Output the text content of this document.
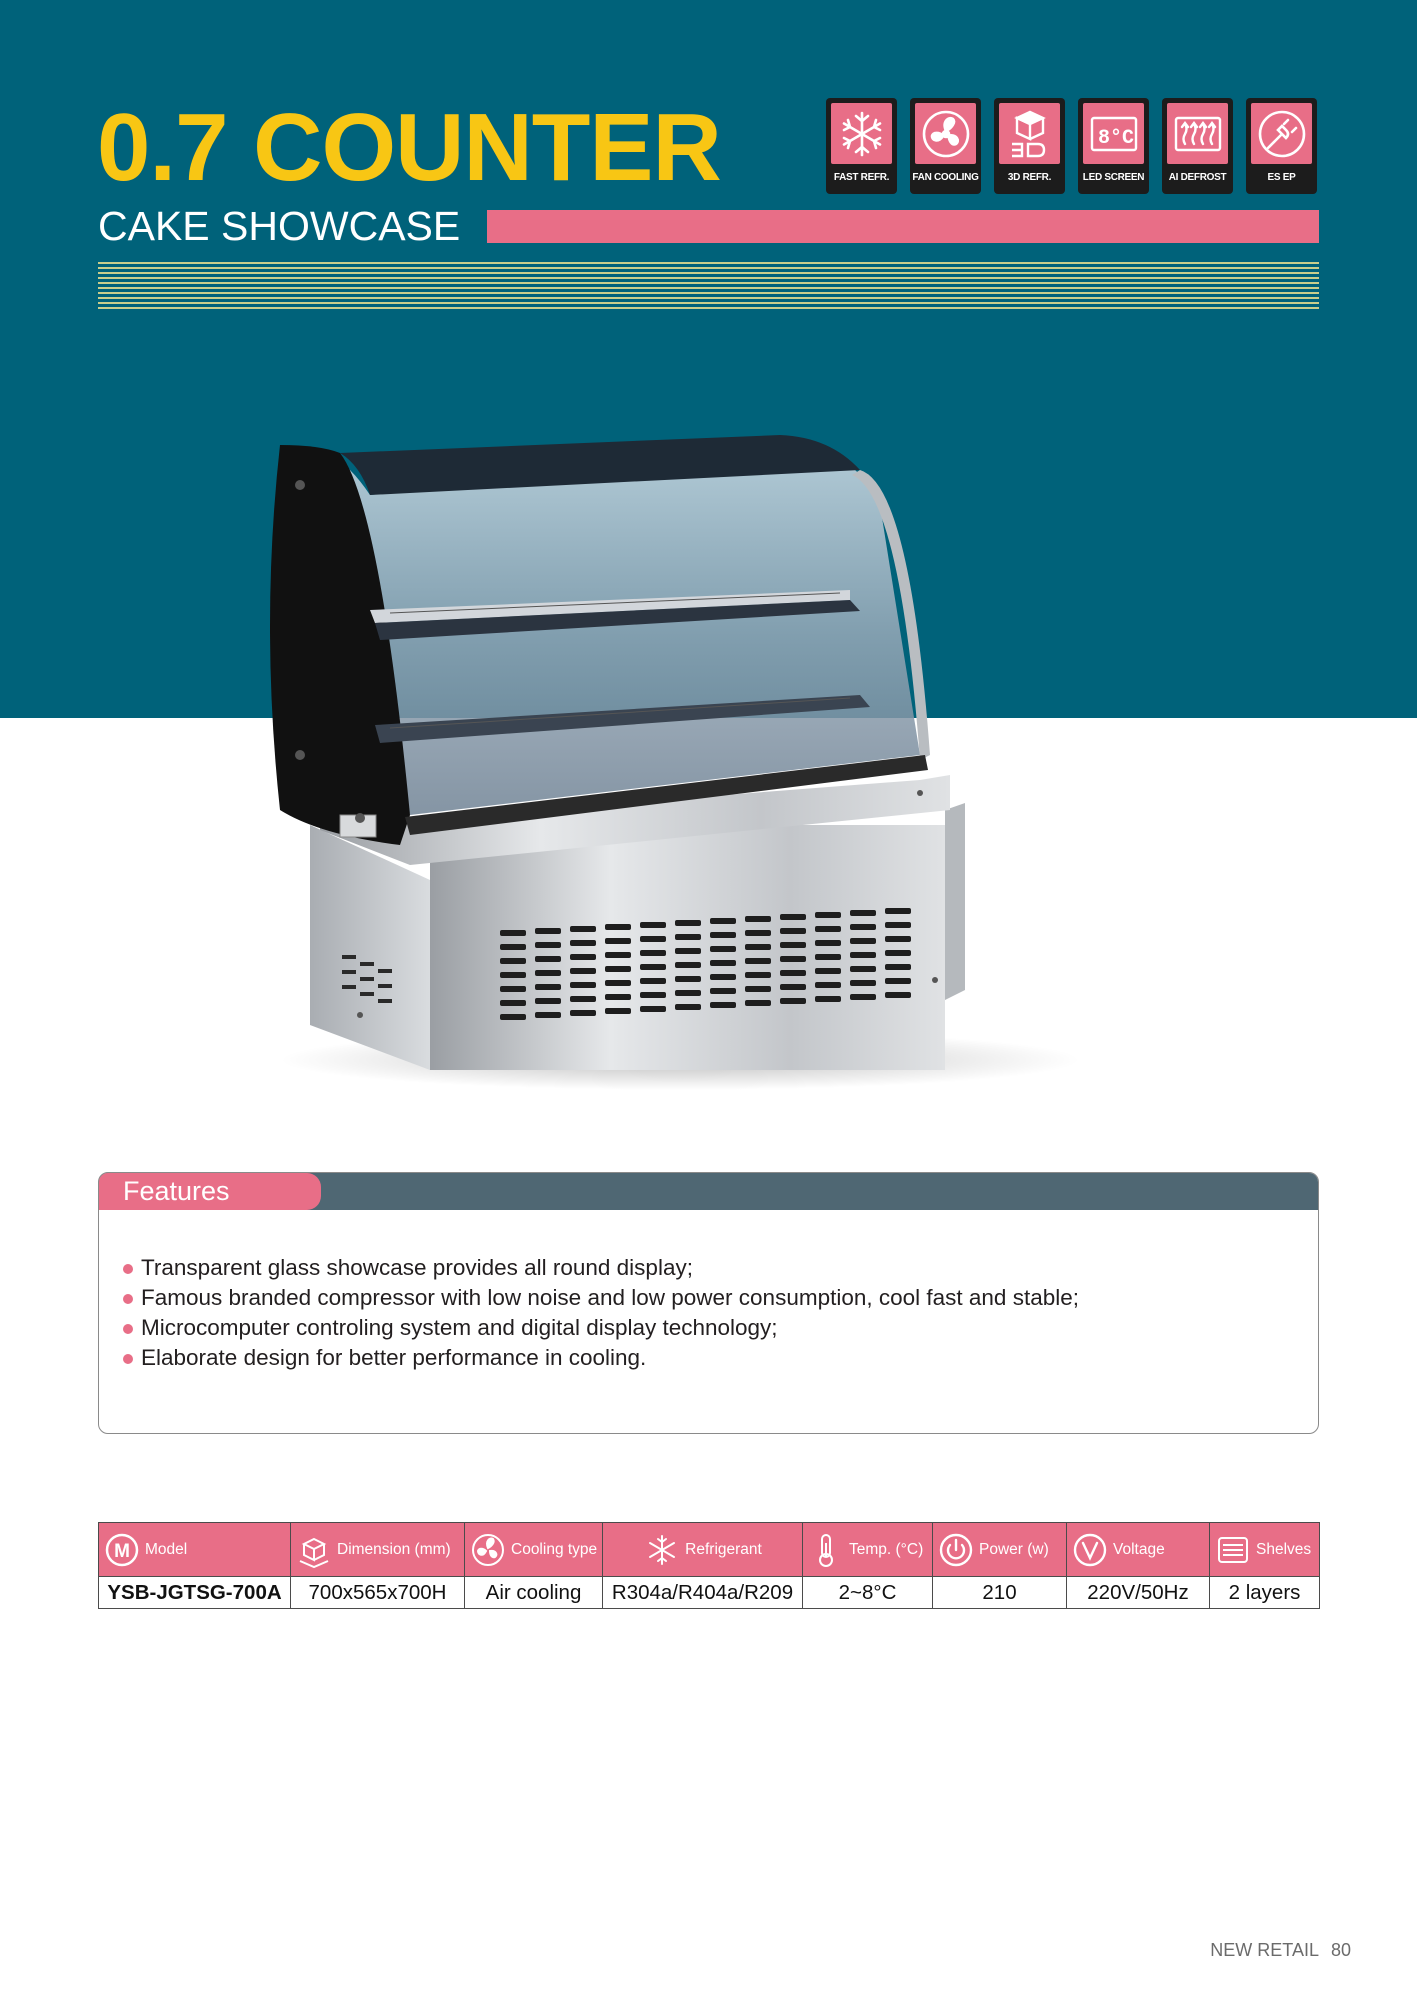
0.7 COUNTER
CAKE SHOWCASE
FAST REFR.	FAN COOLING	3D REFR.
8°C
LED SCREEN	AI DEFROST	ES EP
Features
Transparent glass showcase provides all round display;
Famous branded compressor with low noise and low power consumption, cool fast and stable;
Microcomputer controling system and digital display technology;
Elaborate design for better performance in cooling.
M Model	Dimension (mm)	Cooling type	Refrigerant	Temp. (°C)	Power (w)	Voltage	Shelves

YSB-JGTSG-700A	700x565x700H	Air cooling	R304a/R404a/R209	2~8°C	210	220V/50Hz	2 layers
NEW RETAIL 80
